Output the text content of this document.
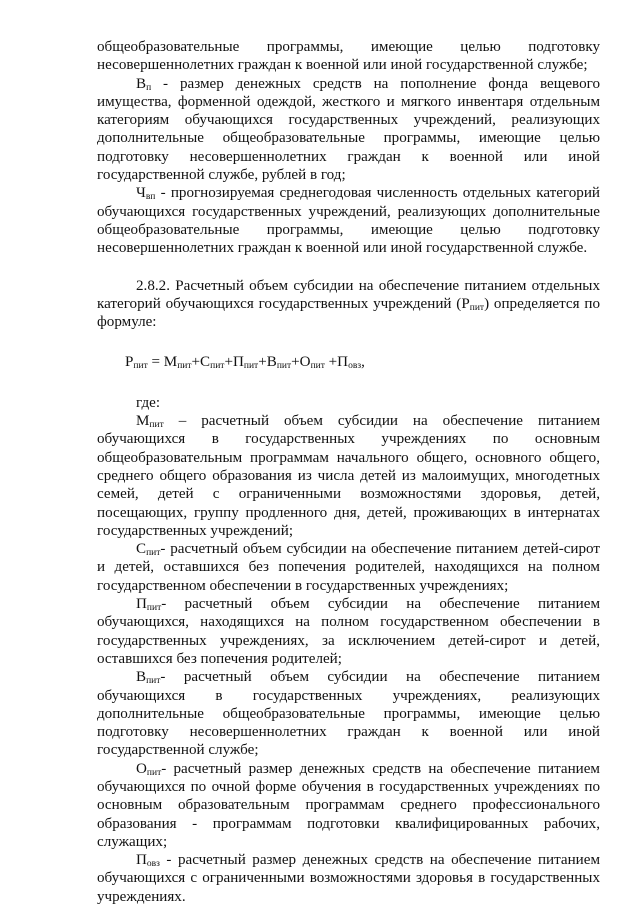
общеобразовательные программы, имеющие целью подготовку несовершеннолетних граждан к военной или иной государственной службе;

$В_п$ - размер денежных средств на пополнение фонда вещевого имущества, форменной одеждой, жесткого и мягкого инвентаря отдельным категориям обучающихся государственных учреждений, реализующих дополнительные общеобразовательные программы, имеющие целью подготовку несовершеннолетних граждан к военной или иной государственной службе, рублей в год;

$Ч_{вп}$ - прогнозируемая среднегодовая численность отдельных категорий обучающихся государственных учреждений, реализующих дополнительные общеобразовательные программы, имеющие целью подготовку несовершеннолетних граждан к военной или иной государственной службе.

2.8.2. Расчетный объем субсидии на обеспечение питанием отдельных категорий обучающихся государственных учреждений $(Р_{пит})$ определяется по формуле:

$Р_{пит} = М_{пит}+С_{пит}+П_{пит}+В_{пит}+О_{пит} +П_{овз}$,

где:

$М_{пит}$ – расчетный объем субсидии на обеспечение питанием обучающихся в государственных учреждениях по основным общеобразовательным программам начального общего, основного общего, среднего общего образования из числа детей из малоимущих, многодетных семей, детей с ограниченными возможностями здоровья, детей, посещающих, группу продленного дня, детей, проживающих в интернатах государственных учреждений;

$С_{пит}-$ расчетный объем субсидии на обеспечение питанием детей-сирот и детей, оставшихся без попечения родителей, находящихся на полном государственном обеспечении в государственных учреждениях;

$П_{пит}-$ расчетный объем субсидии на обеспечение питанием обучающихся, находящихся на полном государственном обеспечении в государственных учреждениях, за исключением детей-сирот и детей, оставшихся без попечения родителей;

$В_{пит}-$ расчетный объем субсидии на обеспечение питанием обучающихся в государственных учреждениях, реализующих дополнительные общеобразовательные программы, имеющие целью подготовку несовершеннолетних граждан к военной или иной государственной службе;

$О_{пит}-$ расчетный размер денежных средств на обеспечение питанием обучающихся по очной форме обучения в государственных учреждениях по основным образовательным программам среднего профессионального образования - программам подготовки квалифицированных рабочих, служащих;

$П_{овз}$ - расчетный размер денежных средств на обеспечение питанием обучающихся с ограниченными возможностями здоровья в государственных учреждениях.
